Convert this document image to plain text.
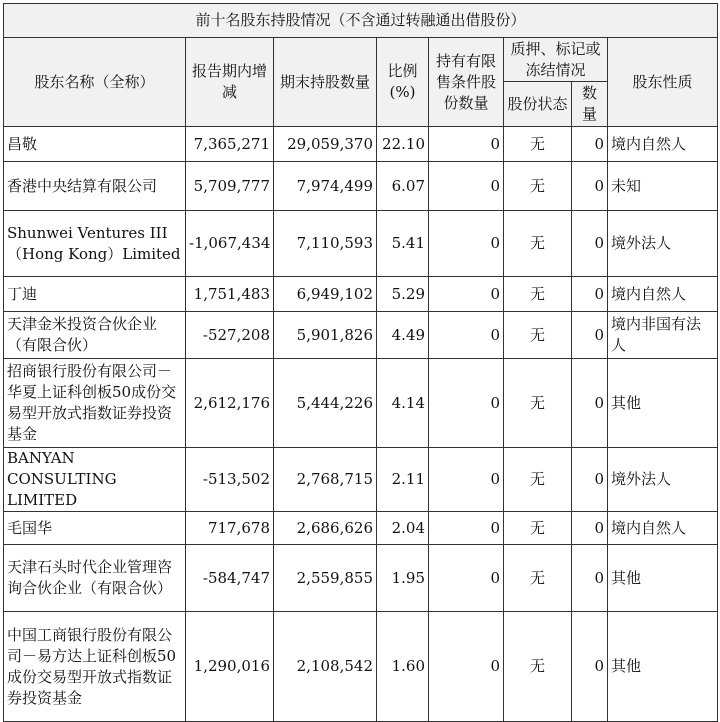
前十名股东持股情况（不含通过转融通出借股份）							
股东名称（全称）	报告期内增减	期末持股数量	比例(%)	持有有限售条件股份数量	质押、标记或冻结情况		股东性质
					股份状态	数量	
昌敬	7,365,271	29,059,370	22.10	0	无	0	境内自然人
香港中央结算有限公司	5,709,777	7,974,499	6.07	0	无	0	未知
Shunwei Ventures III（Hong Kong）Limited	-1,067,434	7,110,593	5.41	0	无	0	境外法人
丁迪	1,751,483	6,949,102	5.29	0	无	0	境内自然人
天津金米投资合伙企业（有限合伙）	-527,208	5,901,826	4.49	0	无	0	境内非国有法人
招商银行股份有限公司－华夏上证科创板50成份交易型开放式指数证券投资基金	2,612,176	5,444,226	4.14	0	无	0	其他
BANYAN CONSULTING LIMITED	-513,502	2,768,715	2.11	0	无	0	境外法人
毛国华	717,678	2,686,626	2.04	0	无	0	境内自然人
天津石头时代企业管理咨询合伙企业（有限合伙）	-584,747	2,559,855	1.95	0	无	0	其他
中国工商银行股份有限公司－易方达上证科创板50成份交易型开放式指数证券投资基金	1,290,016	2,108,542	1.60	0	无	0	其他
